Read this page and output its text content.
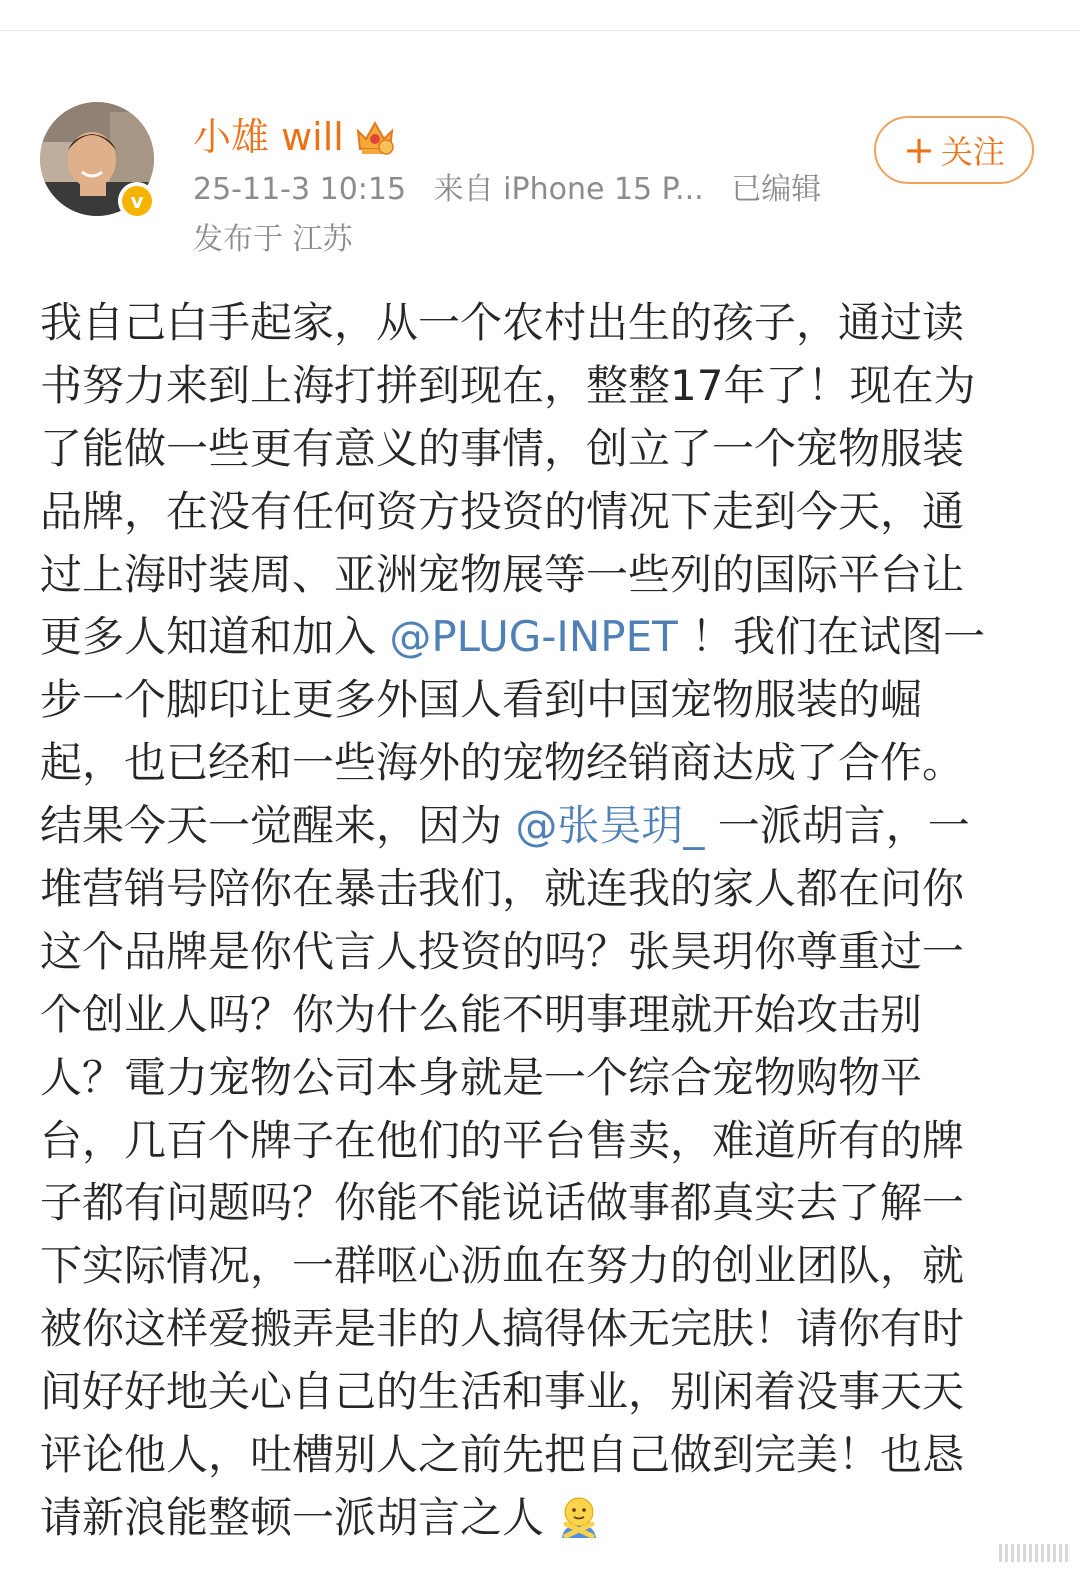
v
小雄 will
25-11-3 10:15 来自 iPhone 15 P... 已编辑
发布于 江苏
+ 关注
我自己白手起家，从一个农村出生的孩子，通过读
书努力来到上海打拼到现在，整整17年了！现在为
了能做一些更有意义的事情，创立了一个宠物服装
品牌，在没有任何资方投资的情况下走到今天，通
过上海时装周、亚洲宠物展等一些列的国际平台让
更多人知道和加入 @PLUG-INPET ！我们在试图一
步一个脚印让更多外国人看到中国宠物服装的崛
起，也已经和一些海外的宠物经销商达成了合作。
结果今天一觉醒来，因为 @张昊玥_ 一派胡言，一
堆营销号陪你在暴击我们，就连我的家人都在问你
这个品牌是你代言人投资的吗？张昊玥你尊重过一
个创业人吗？你为什么能不明事理就开始攻击别
人？電力宠物公司本身就是一个综合宠物购物平
台，几百个牌子在他们的平台售卖，难道所有的牌
子都有问题吗？你能不能说话做事都真实去了解一
下实际情况，一群呕心沥血在努力的创业团队，就
被你这样爱搬弄是非的人搞得体无完肤！请你有时
间好好地关心自己的生活和事业，别闲着没事天天
评论他人，吐槽别人之前先把自己做到完美！也恳
请新浪能整顿一派胡言之人
